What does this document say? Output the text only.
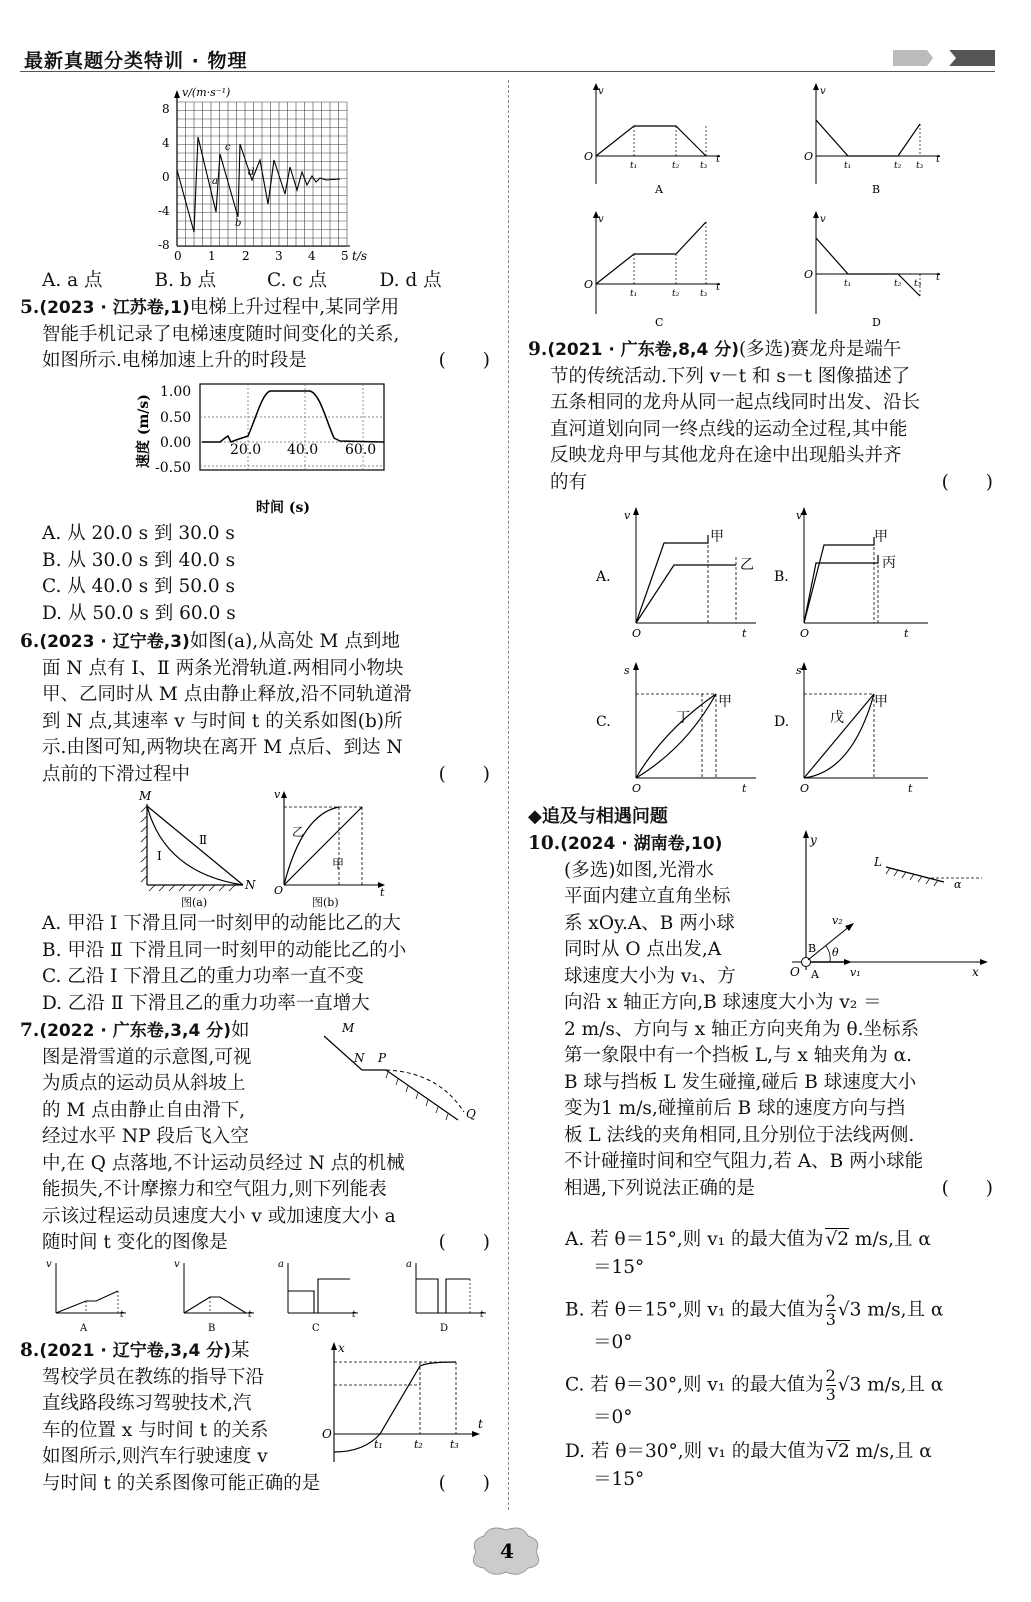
最新真题分类特训 · 物理
v/(m·s⁻¹)
8
4
0
-4
-8
0 1 2 3 4 5 t/s
a
b
c
d
A. a 点	B. b 点	C. c 点	D. d 点
5.(2023 · 江苏卷,1)电梯上升过程中,某同学用
智能手机记录了电梯速度随时间变化的关系,
如图所示.电梯加速上升的时段是	(　　)
速度 (m/s)
1.00
0.50
0.00
-0.50
20.0 40.0 60.0
时间 (s)
A. 从 20.0 s 到 30.0 s
B. 从 30.0 s 到 40.0 s
C. 从 40.0 s 到 50.0 s
D. 从 50.0 s 到 60.0 s
6.(2023 · 辽宁卷,3)如图(a),从高处 M 点到地
面 N 点有 Ⅰ、Ⅱ 两条光滑轨道.两相同小物块
甲、乙同时从 M 点由静止释放,沿不同轨道滑
到 N 点,其速率 v 与时间 t 的关系如图(b)所
示.由图可知,两物块在离开 M 点后、到达 N
点前的下滑过程中	(　　)
M
Ⅰ
Ⅱ
N
图(a)
v
乙
甲
O	t
图(b)
A. 甲沿 Ⅰ 下滑且同一时刻甲的动能比乙的大
B. 甲沿 Ⅱ 下滑且同一时刻甲的动能比乙的小
C. 乙沿 Ⅰ 下滑且乙的重力功率一直不变
D. 乙沿 Ⅱ 下滑且乙的重力功率一直增大
7.(2022 · 广东卷,3,4 分)如
图是滑雪道的示意图,可视
为质点的运动员从斜坡上
的 M 点由静止自由滑下,
经过水平 NP 段后飞入空
中,在 Q 点落地,不计运动员经过 N 点的机械
能损失,不计摩擦力和空气阻力,则下列能表
示该过程运动员速度大小 v 或加速度大小 a
随时间 t 变化的图像是	(　　)
M
N P
Q
v
t
A
v
t
B
a
t
C
a
t
D
8.(2021 · 辽宁卷,3,4 分)某
驾校学员在教练的指导下沿
直线路段练习驾驶技术,汽
车的位置 x 与时间 t 的关系
如图所示,则汽车行驶速度 v
与时间 t 的关系图像可能正确的是	(　　)
x
t
O
t₁	t₂ t₃
v
O
t₁	t₂ t₃
t
A
v
O
t₁	t₂ t₃
t
B
v
O
t₁	t₂ t₃
t
C
v
O
t₁	t₂ t₃
t
D
9.(2021 · 广东卷,8,4 分)(多选)赛龙舟是端午
节的传统活动.下列 v－t 和 s－t 图像描述了
五条相同的龙舟从同一起点线同时出发、沿长
直河道划向同一终点线的运动全过程,其中能
反映龙舟甲与其他龙舟在途中出现船头并齐
的有	(　　)
A.
v
O	t
甲
乙
B.
v
O	t
甲
丙
C.
s
O	t
丁
甲
D.
s
O	t
戊
甲
◆追及与相遇问题
10.(2024 · 湖南卷,10)
(多选)如图,光滑水
平面内建立直角坐标
系 xOy.A、B 两小球
同时从 O 点出发,A
球速度大小为 v₁、方
向沿 x 轴正方向,B 球速度大小为 v₂ ＝
2 m/s、方向与 x 轴正方向夹角为 θ.坐标系
第一象限中有一个挡板 L,与 x 轴夹角为 α.
B 球与挡板 L 发生碰撞,碰后 B 球速度大小
变为1 m/s,碰撞前后 B 球的速度方向与挡
板 L 法线的夹角相同,且分别位于法线两侧.
不计碰撞时间和空气阻力,若 A、B 两小球能
相遇,下列说法正确的是	(　　)
y
x
O A
B
v₂
θ
v₁
L
α
A. 若 θ＝15°,则 v₁ 的最大值为 √2 m/s,且 α
＝15°
B. 若 θ＝15°,则 v₁ 的最大值为 $\frac{2}{3} √3$ m/s,且 α
＝0°
C. 若 θ＝30°,则 v₁ 的最大值为 $\frac{2}{3} √3$ m/s,且 α
＝0°
D. 若 θ＝30°,则 v₁ 的最大值为 √2 m/s,且 α
＝15°
4
